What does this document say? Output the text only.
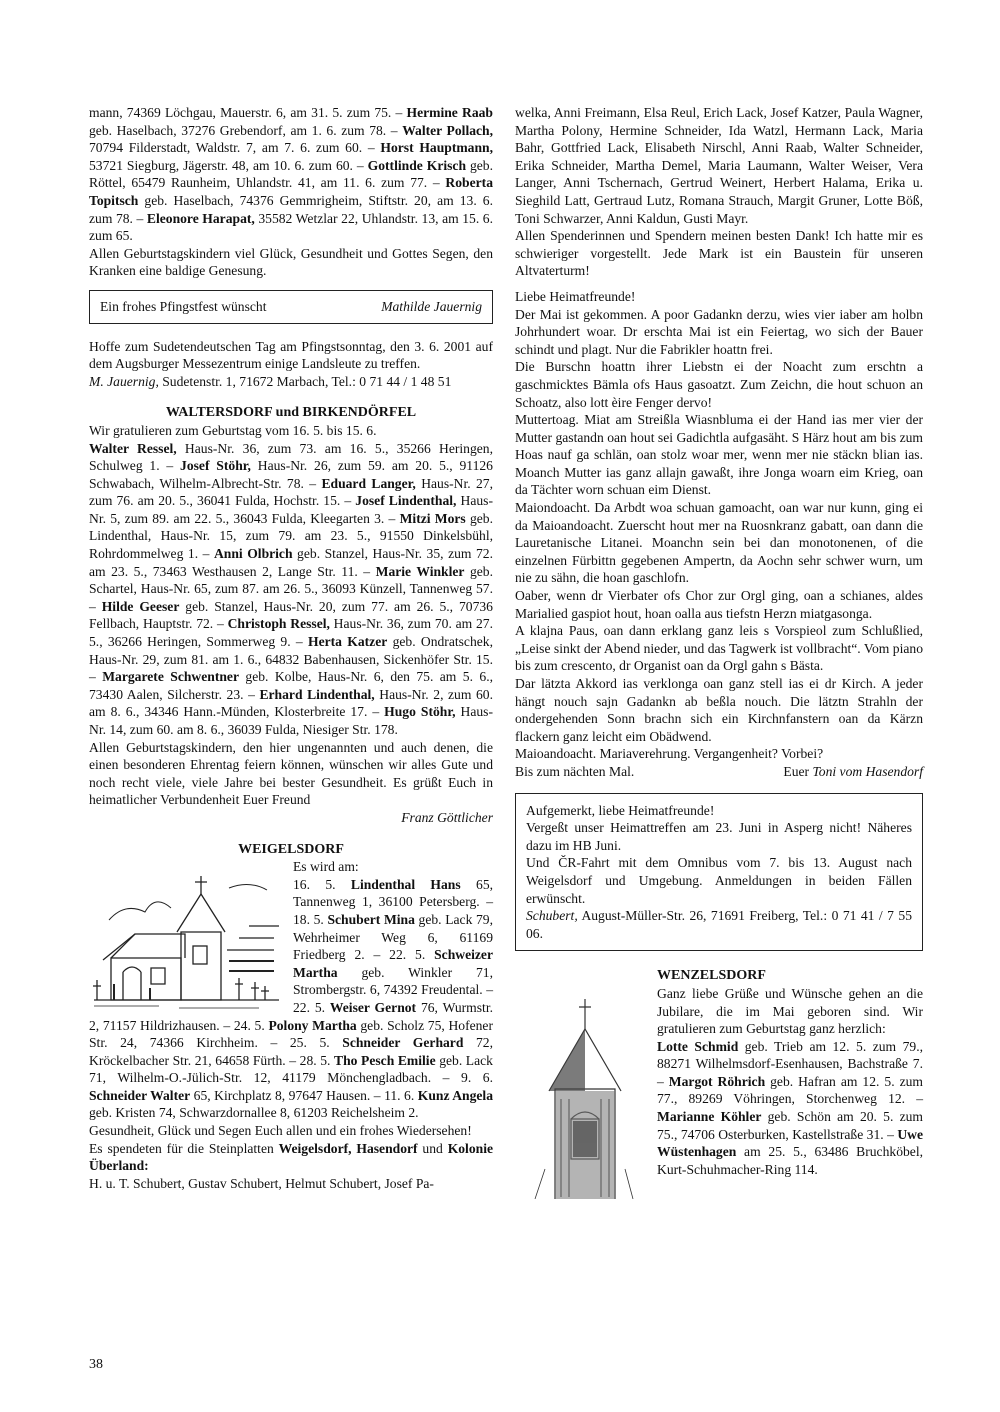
mann, 74369 Löchgau, Mauerstr. 6, am 31. 5. zum 75. – Hermine Raab geb. Haselbach, 37276 Grebendorf, am 1. 6. zum 78. – Walter Pollach, 70794 Filderstadt, Waldstr. 7, am 7. 6. zum 60. – Horst Hauptmann, 53721 Siegburg, Jägerstr. 48, am 10. 6. zum 60. – Gottlinde Krisch geb. Röttel, 65479 Raunheim, Uhlandstr. 41, am 11. 6. zum 77. – Roberta Topitsch geb. Haselbach, 74376 Gemmrigheim, Stiftstr. 20, am 13. 6. zum 78. – Eleonore Harapat, 35582 Wetzlar 22, Uhlandstr. 13, am 15. 6. zum 65.

Allen Geburtstagskindern viel Glück, Gesundheit und Gottes Segen, den Kranken eine baldige Genesung.

Ein frohes Pfingstfest wünscht	Mathilde Jauernig

Hoffe zum Sudetendeutschen Tag am Pfingstsonntag, den 3. 6. 2001 auf dem Augsburger Messezentrum einige Landsleute zu treffen.

M. Jauernig, Sudetenstr. 1, 71672 Marbach, Tel.: 0 71 44 / 1 48 51

WALTERSDORF und BIRKENDÖRFEL

Wir gratulieren zum Geburtstag vom 16. 5. bis 15. 6.

Walter Ressel, Haus-Nr. 36, zum 73. am 16. 5., 35266 Heringen, Schulweg 1. – Josef Stöhr, Haus-Nr. 26, zum 59. am 20. 5., 91126 Schwabach, Wilhelm-Albrecht-Str. 78. – Eduard Langer, Haus-Nr. 27, zum 76. am 20. 5., 36041 Fulda, Hochstr. 15. – Josef Lindenthal, Haus-Nr. 5, zum 89. am 22. 5., 36043 Fulda, Kleegarten 3. – Mitzi Mors geb. Lindenthal, Haus-Nr. 15, zum 79. am 23. 5., 91550 Dinkelsbühl, Rohrdommelweg 1. – Anni Olbrich geb. Stanzel, Haus-Nr. 35, zum 72. am 23. 5., 73463 Westhausen 2, Lange Str. 11. – Marie Winkler geb. Schartel, Haus-Nr. 65, zum 87. am 26. 5., 36093 Künzell, Tannenweg 57. – Hilde Geeser geb. Stanzel, Haus-Nr. 20, zum 77. am 26. 5., 70736 Fellbach, Hauptstr. 72. – Christoph Ressel, Haus-Nr. 36, zum 70. am 27. 5., 36266 Heringen, Sommerweg 9. – Herta Katzer geb. Ondratschek, Haus-Nr. 29, zum 81. am 1. 6., 64832 Babenhausen, Sickenhöfer Str. 15. – Margarete Schwentner geb. Kolbe, Haus-Nr. 6, den 75. am 5. 6., 73430 Aalen, Silcherstr. 23. – Erhard Lindenthal, Haus-Nr. 2, zum 60. am 8. 6., 34346 Hann.-Münden, Klosterbreite 17. – Hugo Stöhr, Haus-Nr. 14, zum 60. am 8. 6., 36039 Fulda, Niesiger Str. 178.

Allen Geburtstagskindern, den hier ungenannten und auch denen, die einen besonderen Ehrentag feiern können, wünschen wir alles Gute und noch recht viele, viele Jahre bei bester Gesundheit. Es grüßt Euch in heimatlicher Verbundenheit Euer Freund

Franz Göttlicher

WEIGELSDORF

Es wird am:

16. 5. Lindenthal Hans 65, Tannenweg 1, 36100 Petersberg. – 18. 5. Schubert Mina geb. Lack 79, Wehrheimer Weg 6, 61169 Friedberg 2. – 22. 5. Schweizer Martha geb. Winkler 71, Strombergstr. 6, 74392 Freudental. – 22. 5. Weiser Gernot 76, Wurmstr. 2, 71157 Hildrizhausen. – 24. 5. Polony Martha geb. Scholz 75, Hofener Str. 24, 74366 Kirchheim. – 25. 5. Schneider Gerhard 72, Kröckelbacher Str. 21, 64658 Fürth. – 28. 5. Tho Pesch Emilie geb. Lack 71, Wilhelm-O.-Jülich-Str. 12, 41179 Mönchengladbach. – 9. 6. Schneider Walter 65, Kirchplatz 8, 97647 Hausen. – 11. 6. Kunz Angela geb. Kristen 74, Schwarzdornallee 8, 61203 Reichelsheim 2.

Gesundheit, Glück und Segen Euch allen und ein frohes Wiedersehen!

Es spendeten für die Steinplatten Weigelsdorf, Hasendorf und Kolonie Überland:

H. u. T. Schubert, Gustav Schubert, Helmut Schubert, Josef Pa-

welka, Anni Freimann, Elsa Reul, Erich Lack, Josef Katzer, Paula Wagner, Martha Polony, Hermine Schneider, Ida Watzl, Hermann Lack, Maria Bahr, Gottfried Lack, Elisabeth Nirschl, Anni Raab, Walter Schneider, Erika Schneider, Martha Demel, Maria Laumann, Walter Weiser, Vera Langer, Anni Tschernach, Gertrud Weinert, Herbert Halama, Erika u. Sieghild Latt, Gertraud Lutz, Romana Strauch, Margit Gruner, Lotte Böß, Toni Schwarzer, Anni Kaldun, Gusti Mayr.

Allen Spenderinnen und Spendern meinen besten Dank! Ich hatte mir es schwieriger vorgestellt. Jede Mark ist ein Baustein für unseren Altvaterturm!

Liebe Heimatfreunde!

Der Mai ist gekommen. A poor Gadankn derzu, wies vier iaber am holbn Johrhundert woar. Dr erschta Mai ist ein Feiertag, wo sich der Bauer schindt und plagt. Nur die Fabrikler hoattn frei.

Die Burschn hoattn ihrer Liebstn ei der Noacht zum erschtn a gaschmicktes Bämla ofs Haus gasoatzt. Zum Zeichn, die hout schuon an Schoatz, also lott èire Fenger dervo!

Muttertoag. Miat am Streißla Wiasnbluma ei der Hand ias mer vier der Mutter gastandn oan hout sei Gadichtla aufgasäht. S Härz hout am bis zum Hoas nauf ga schlän, oan stolz woar mer, wenn mer nie stäckn blian ias. Moanch Mutter ias ganz allajn gawaßt, ihre Jonga woarn eim Krieg, oan da Tächter worn schuan eim Dienst.

Maiondoacht. Da Arbdt woa schuan gamoacht, oan war nur kunn, ging ei da Maioandoacht. Zuerscht hout mer na Ruosnkranz gabatt, oan dann die Lauretanische Litanei. Moanchn sein bei dan monotonenen, of die einzelnen Fürbittn gegebenen Ampertn, da Aochn sehr schwer wurn, um nie zu sähn, die hoan gaschlofn.

Oaber, wenn dr Vierbater ofs Chor zur Orgl ging, oan a schianes, aldes Marialied gaspiot hout, hoan oalla aus tiefstn Herzn miatgasonga.

A klajna Paus, oan dann erklang ganz leis s Vorspieol zum Schlußlied, „Leise sinkt der Abend nieder, und das Tagwerk ist vollbracht“. Vom piano bis zum crescento, dr Organist oan da Orgl gahn s Bästa.

Dar lätzta Akkord ias verklonga oan ganz stell ias ei dr Kirch. A jeder hängt nouch sajn Gadankn ab beßla nouch. Die lätztn Strahln der ondergehenden Sonn brachn sich ein Kirchnfanstern oan da Kärzn flackern ganz leicht eim Obädwend.

Maioandoacht. Mariaverehrung. Vergangenheit? Vorbei?

Bis zum nächten Mal.	Euer Toni vom Hasendorf

Aufgemerkt, liebe Heimatfreunde!

Vergeßt unser Heimattreffen am 23. Juni in Asperg nicht! Näheres dazu im HB Juni.

Und ČR-Fahrt mit dem Omnibus vom 7. bis 13. August nach Weigelsdorf und Umgebung. Anmeldungen in beiden Fällen erwünscht.

Schubert, August-Müller-Str. 26, 71691 Freiberg, Tel.: 0 71 41 / 7 55 06.

WENZELSDORF

Ganz liebe Grüße und Wünsche gehen an die Jubilare, die im Mai geboren sind. Wir gratulieren zum Geburtstag ganz herzlich:

Lotte Schmid geb. Trieb am 12. 5. zum 79., 88271 Wilhelmsdorf-Esenhausen, Bachstraße 7. – Margot Röhrich geb. Hafran am 12. 5. zum 77., 89269 Vöhringen, Storchenweg 12. – Marianne Köhler geb. Schön am 20. 5. zum 75., 74706 Osterburken, Kastellstraße 31. – Uwe Wüstenhagen am 25. 5., 63486 Bruchköbel, Kurt-Schuhmacher-Ring 114.

38
